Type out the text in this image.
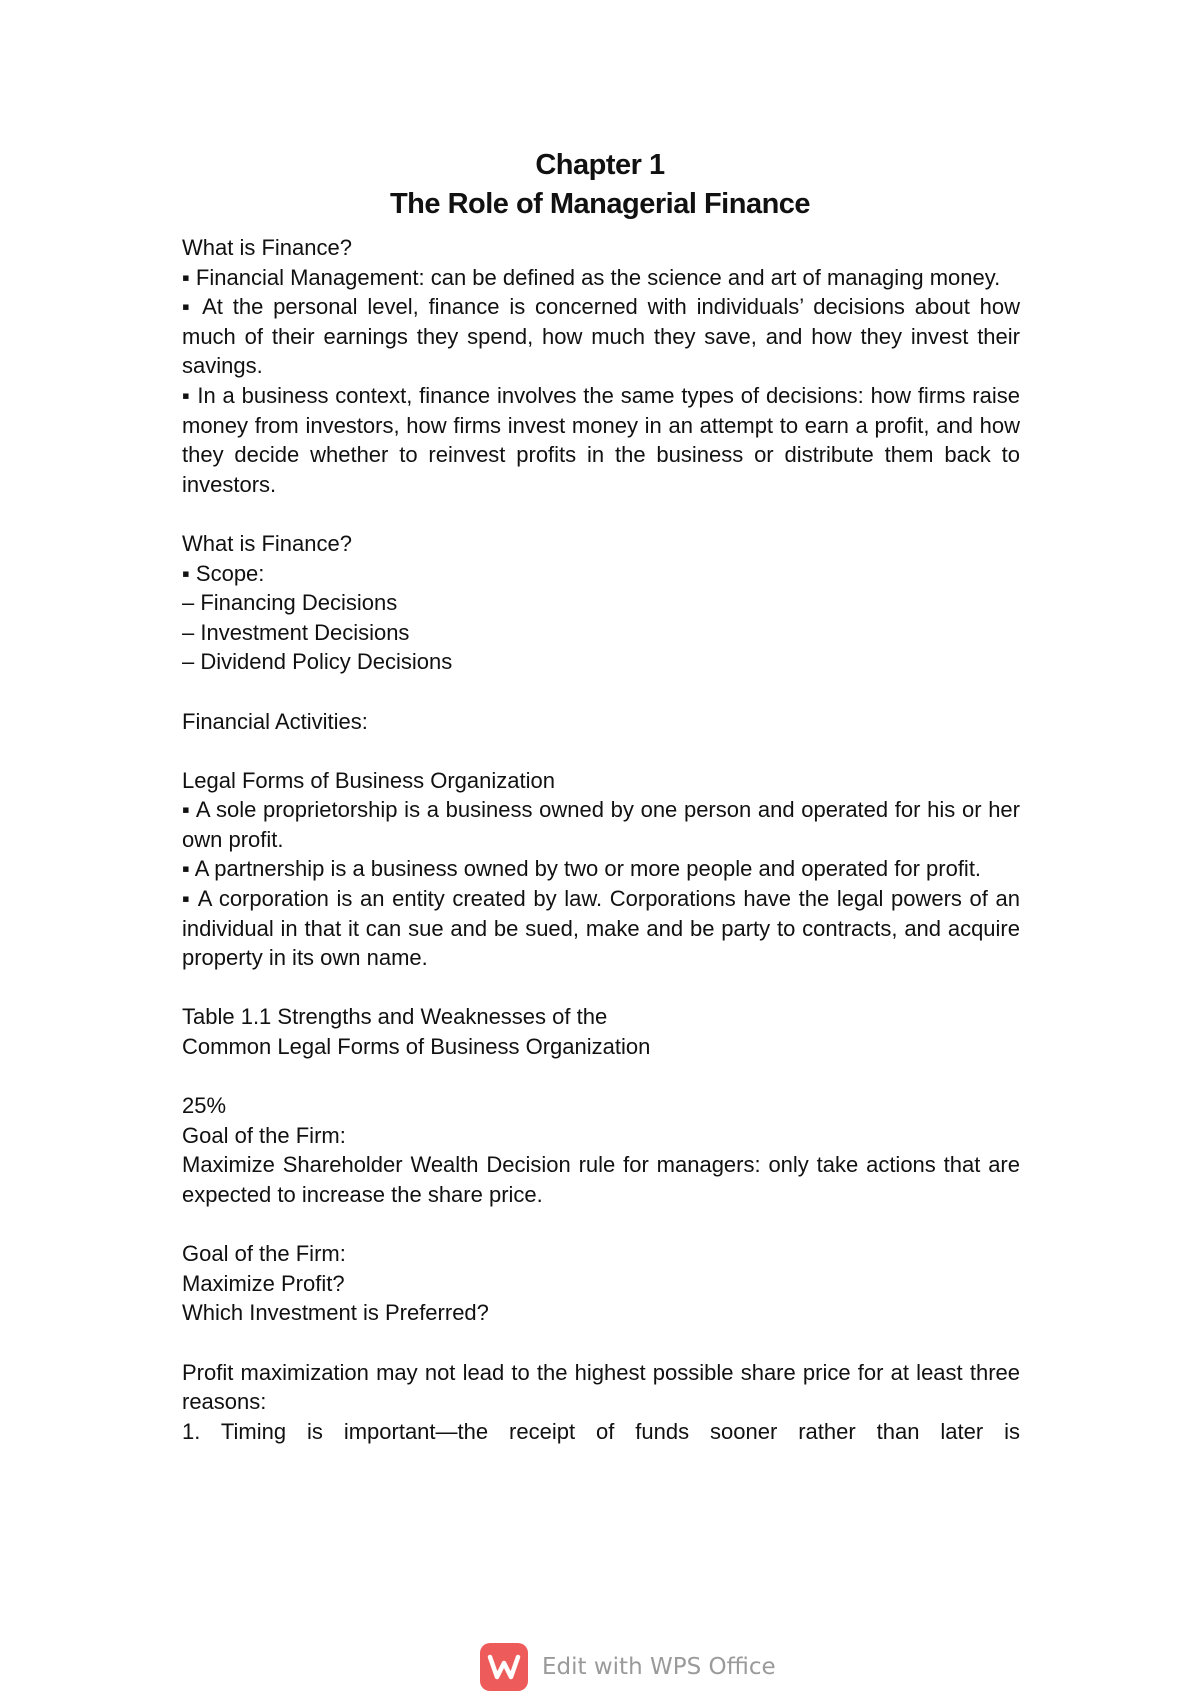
Chapter 1
The Role of Managerial Finance

What is Finance?

▪ Financial Management: can be defined as the science and art of managing money.

▪ At the personal level, finance is concerned with individuals’ decisions about how much of their earnings they spend, how much they save, and how they invest their savings.

▪ In a business context, finance involves the same types of decisions: how firms raise money from investors, how firms invest money in an attempt to earn a profit, and how they decide whether to reinvest profits in the business or distribute them back to investors.

What is Finance?

▪ Scope:

– Financing Decisions

– Investment Decisions

– Dividend Policy Decisions

Financial Activities:

Legal Forms of Business Organization

▪ A sole proprietorship is a business owned by one person and operated for his or her own profit.

▪ A partnership is a business owned by two or more people and operated for profit.

▪ A corporation is an entity created by law. Corporations have the legal powers of an individual in that it can sue and be sued, make and be party to contracts, and acquire property in its own name.

Table 1.1 Strengths and Weaknesses of the

Common Legal Forms of Business Organization

25%

Goal of the Firm:

Maximize Shareholder Wealth Decision rule for managers: only take actions that are expected to increase the share price.

Goal of the Firm:

Maximize Profit?

Which Investment is Preferred?

Profit maximization may not lead to the highest possible share price for at least three reasons:

1. Timing is important—the receipt of funds sooner rather than later is

Edit with WPS Office
